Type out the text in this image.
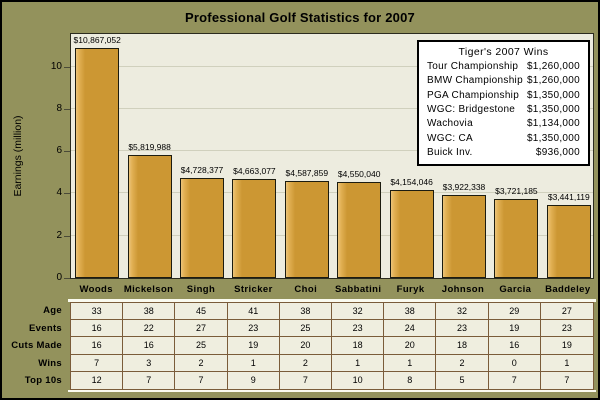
Professional Golf Statistics for 2007
Earnings (million)
$10,867,052
$5,819,988
$4,728,377 $4,663,077 $4,587,859 $4,550,040
$4,154,046 $3,922,338 $3,721,185
$3,441,119
0
2
4
6
8
10
Woods	Mickelson	Singh	Stricker	Choi	Sabbatini	Furyk	Johnson	Garcia	Baddeley
Tiger's 2007 Wins
Tour Championship $1,260,000
BMW Championship $1,260,000
PGA Championship $1,350,000
WGC: Bridgestone $1,350,000
Wachovia	$1,134,000
WGC: CA	$1,350,000
Buick Inv.	$936,000
Age
Events
Cuts Made
Wins
Top 10s
33	38	45	41	38	32	38	32	29	27
16	22	27	23	25	23	24	23	19	23
16	16	25	19	20	18	20	18	16	19
7	3	2	1	2	1	1	2	0	1
12	7	7	9	7	10	8	5	7	7
